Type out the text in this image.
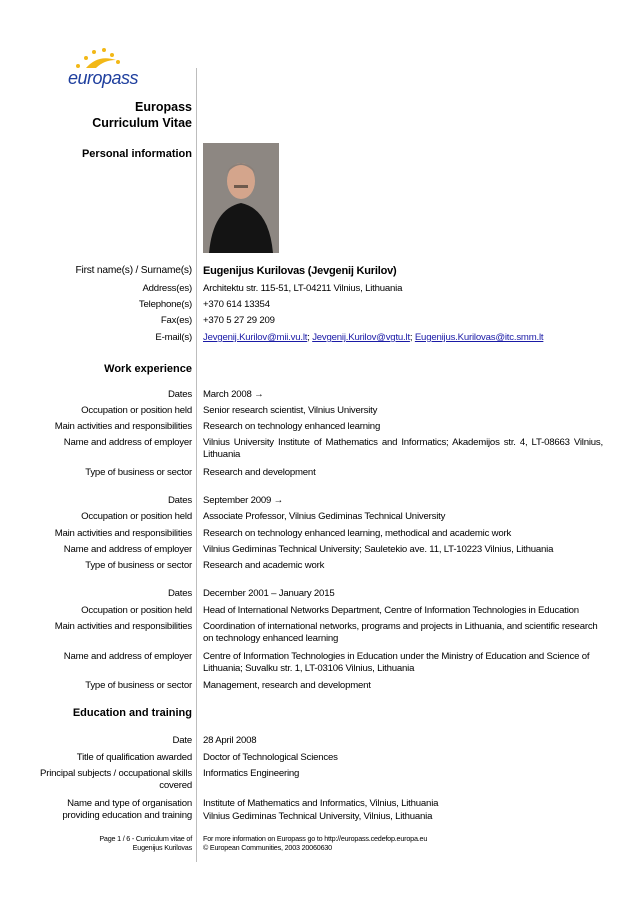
europass
Europass
Curriculum Vitae
Personal information
First name(s) / Surname(s) Eugenijus Kurilovas (Jevgenij Kurilov)
Address(es) Architektu str. 115-51, LT-04211 Vilnius, Lithuania
Telephone(s) +370 614 13354
Fax(es) +370 5 27 29 209
E-mail(s) Jevgenij.Kurilov@mii.vu.lt; Jevgenij.Kurilov@vgtu.lt; Eugenijus.Kurilovas@itc.smm.lt
Work experience
Dates March 2008 →
Occupation or position held Senior research scientist, Vilnius University
Main activities and responsibilities Research on technology enhanced learning
Name and address of employer Vilnius University Institute of Mathematics and Informatics; Akademijos str. 4, LT-08663 Vilnius, Lithuania
Type of business or sector Research and development
Dates September 2009 →
Occupation or position held Associate Professor, Vilnius Gediminas Technical University
Main activities and responsibilities Research on technology enhanced learning, methodical and academic work
Name and address of employer Vilnius Gediminas Technical University; Sauletekio ave. 11, LT-10223 Vilnius, Lithuania
Type of business or sector Research and academic work
Dates December 2001 – January 2015
Occupation or position held Head of International Networks Department, Centre of Information Technologies in Education
Main activities and responsibilities Coordination of international networks, programs and projects in Lithuania, and scientific research on technology enhanced learning
Name and address of employer Centre of Information Technologies in Education under the Ministry of Education and Science of Lithuania; Suvalku str. 1, LT-03106 Vilnius, Lithuania
Type of business or sector Management, research and development
Education and training
Date 28 April 2008
Title of qualification awarded Doctor of Technological Sciences
Principal subjects / occupational skills covered
Informatics Engineering
Name and type of organisation providing education and training
Institute of Mathematics and Informatics, Vilnius, Lithuania
Vilnius Gediminas Technical University, Vilnius, Lithuania
Page 1 / 6 - Curriculum vitae of Eugenijus Kurilovas
For more information on Europass go to http://europass.cedefop.europa.eu
© European Communities, 2003 20060630
